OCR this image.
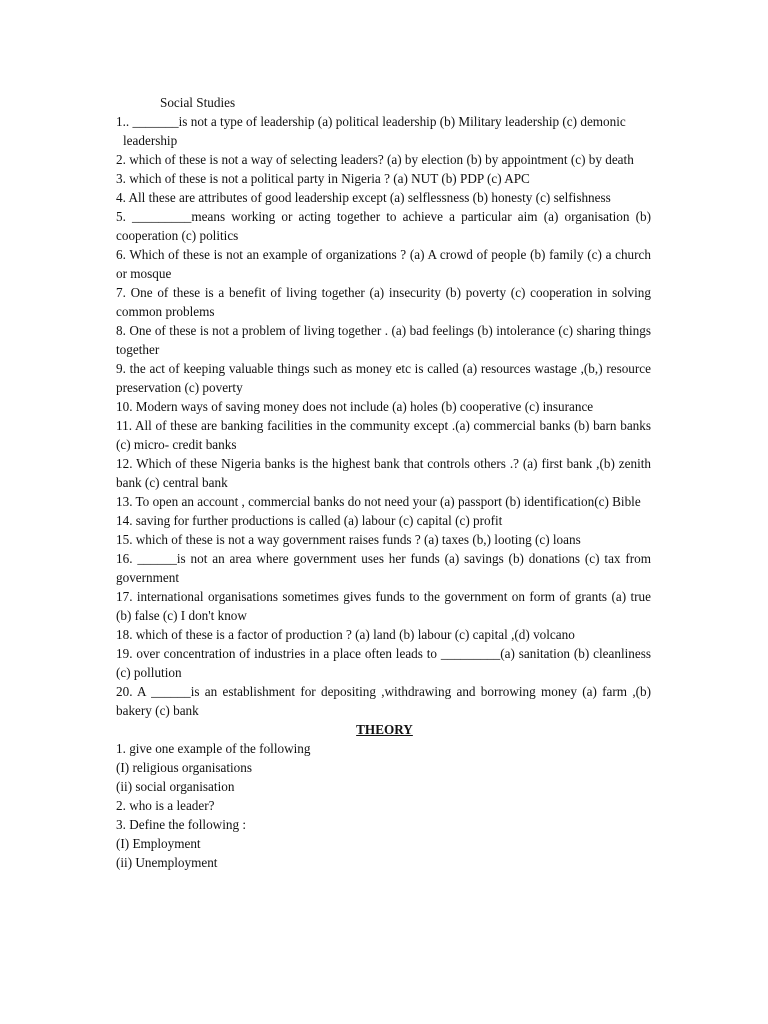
Social Studies
1.. _______is not a type of leadership (a) political leadership (b) Military leadership (c) demonic
leadership
2. which of these is not a way of selecting leaders? (a) by election (b) by appointment (c) by death
3. which of these is not a political party in Nigeria ? (a) NUT (b) PDP (c) APC
4. All these are attributes of good leadership except (a) selflessness (b) honesty (c) selfishness
5. _________means working or acting together to achieve a particular aim (a) organisation (b) cooperation (c) politics
6. Which of these is not an example of organizations ? (a) A crowd of people (b) family (c) a church or mosque
7. One of these is a benefit of living together (a) insecurity (b) poverty (c) cooperation in solving common problems
8. One of these is not a problem of living together . (a) bad feelings (b) intolerance (c) sharing things together
9. the act of keeping valuable things such as money etc is called (a) resources wastage ,(b,) resource preservation (c) poverty
10. Modern ways of saving money does not include (a) holes (b) cooperative (c) insurance
11. All of these are banking facilities in the community except .(a) commercial banks (b) barn banks (c) micro- credit banks
12. Which of these Nigeria banks is the highest bank that controls others .? (a) first bank ,(b) zenith bank (c) central bank
13. To open an account , commercial banks do not need your (a) passport (b) identification(c) Bible
14. saving for further productions is called (a) labour (c) capital (c) profit
15. which of these is not a way government raises funds ? (a) taxes (b,) looting (c) loans
16. ______is not an area where government uses her funds (a) savings (b) donations (c) tax from government
17. international organisations sometimes gives funds to the government on form of grants (a) true (b) false (c) I don't know
18. which of these is a factor of production ? (a) land (b) labour (c) capital ,(d) volcano
19. over concentration of industries in a place often leads to _________(a) sanitation (b) cleanliness (c) pollution
20. A ______is an establishment for depositing ,withdrawing and borrowing money (a) farm ,(b) bakery (c) bank
THEORY
1. give one example of the following
(I) religious organisations
(ii) social organisation
2. who is a leader?
3. Define the following :
(I) Employment
(ii) Unemployment
